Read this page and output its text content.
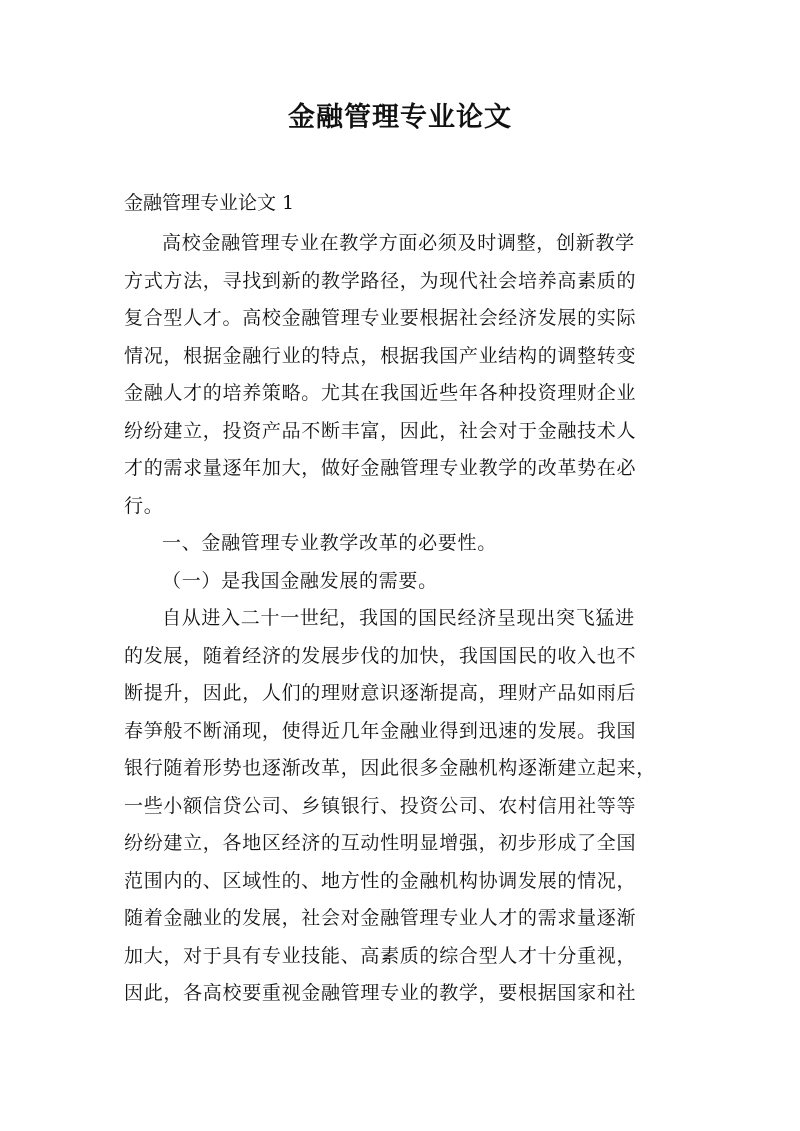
金融管理专业论文
金融管理专业论文 1
高校金融管理专业在教学方面必须及时调整，创新教学
方式方法，寻找到新的教学路径，为现代社会培养高素质的
复合型人才。高校金融管理专业要根据社会经济发展的实际
情况，根据金融行业的特点，根据我国产业结构的调整转变
金融人才的培养策略。尤其在我国近些年各种投资理财企业
纷纷建立，投资产品不断丰富，因此，社会对于金融技术人
才的需求量逐年加大，做好金融管理专业教学的改革势在必
行。
一、金融管理专业教学改革的必要性。
（一）是我国金融发展的需要。
自从进入二十一世纪，我国的国民经济呈现出突飞猛进
的发展，随着经济的发展步伐的加快，我国国民的收入也不
断提升，因此，人们的理财意识逐渐提高，理财产品如雨后
春笋般不断涌现，使得近几年金融业得到迅速的发展。我国
银行随着形势也逐渐改革，因此很多金融机构逐渐建立起来，
一些小额信贷公司、乡镇银行、投资公司、农村信用社等等
纷纷建立，各地区经济的互动性明显增强，初步形成了全国
范围内的、区域性的、地方性的金融机构协调发展的情况，
随着金融业的发展，社会对金融管理专业人才的需求量逐渐
加大，对于具有专业技能、高素质的综合型人才十分重视，
因此，各高校要重视金融管理专业的教学，要根据国家和社
